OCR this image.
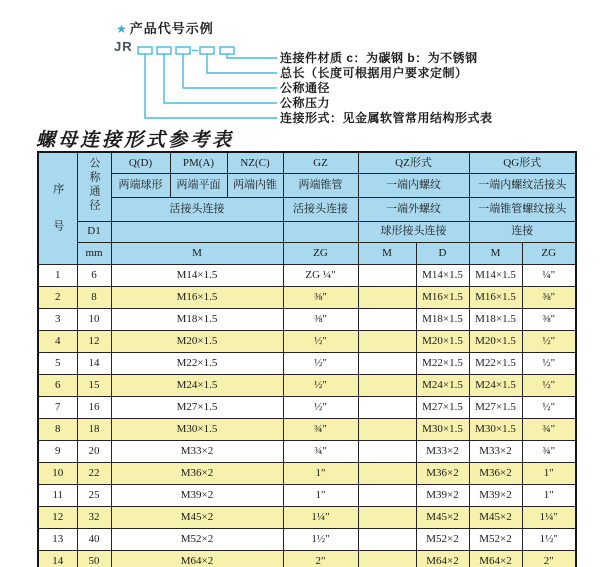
★ 产品代号示例
JR
连接件材质 c：为碳钢 b：为不锈钢
总长（长度可根据用户要求定制）
公称通径
公称压力
连接形式：见金属软管常用结构形式表
螺母连接形式参考表
序号	公称通径	Q(D)	PM(A)	NZ(C)	GZ	QZ形式		QG形式	
		两端球形	两端平面	两端内锥	两端锥管	一端内螺纹		一端内螺纹活接头	
		活接头连接			活接头连接	一端外螺纹		一端锥管螺纹接头	
	D1					球形接头连接		连接	
	mm	M			ZG	M	D	M	ZG
1	6	M14×1.5			ZG ¼"		M14×1.5	M14×1.5	¼"
2	8	M16×1.5			⅜"		M16×1.5	M16×1.5	⅜"
3	10	M18×1.5			⅜"		M18×1.5	M18×1.5	⅜"
4	12	M20×1.5			½"		M20×1.5	M20×1.5	½"
5	14	M22×1.5			½"		M22×1.5	M22×1.5	½"
6	15	M24×1.5			½"		M24×1.5	M24×1.5	½"
7	16	M27×1.5			½"		M27×1.5	M27×1.5	½"
8	18	M30×1.5			¾"		M30×1.5	M30×1.5	¾"
9	20	M33×2			¾"		M33×2	M33×2	¾"
10	22	M36×2			1"		M36×2	M36×2	1"
11	25	M39×2			1"		M39×2	M39×2	1"
12	32	M45×2			1¼"		M45×2	M45×2	1¼"
13	40	M52×2			1½"		M52×2	M52×2	1½"
14	50	M64×2			2"		M64×2	M64×2	2"
